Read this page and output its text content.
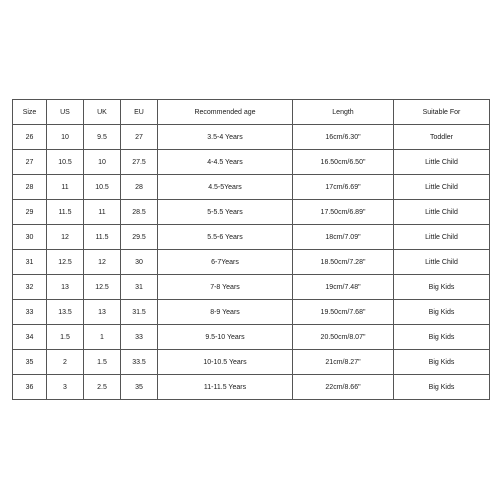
Size	US	UK	EU	Recommended age	Length	Suitable For
26	10	9.5	27	3.5-4 Years	16cm/6.30"	Toddler
27	10.5	10	27.5	4-4.5 Years	16.50cm/6.50"	Little Child
28	11	10.5	28	4.5-5Years	17cm/6.69"	Little Child
29	11.5	11	28.5	5-5.5 Years	17.50cm/6.89"	Little Child
30	12	11.5	29.5	5.5-6 Years	18cm/7.09"	Little Child
31	12.5	12	30	6-7Years	18.50cm/7.28"	Little Child
32	13	12.5	31	7-8 Years	19cm/7.48"	Big Kids
33	13.5	13	31.5	8-9 Years	19.50cm/7.68"	Big Kids
34	1.5	1	33	9.5-10 Years	20.50cm/8.07"	Big Kids
35	2	1.5	33.5	10-10.5 Years	21cm/8.27"	Big Kids
36	3	2.5	35	11-11.5 Years	22cm/8.66"	Big Kids
